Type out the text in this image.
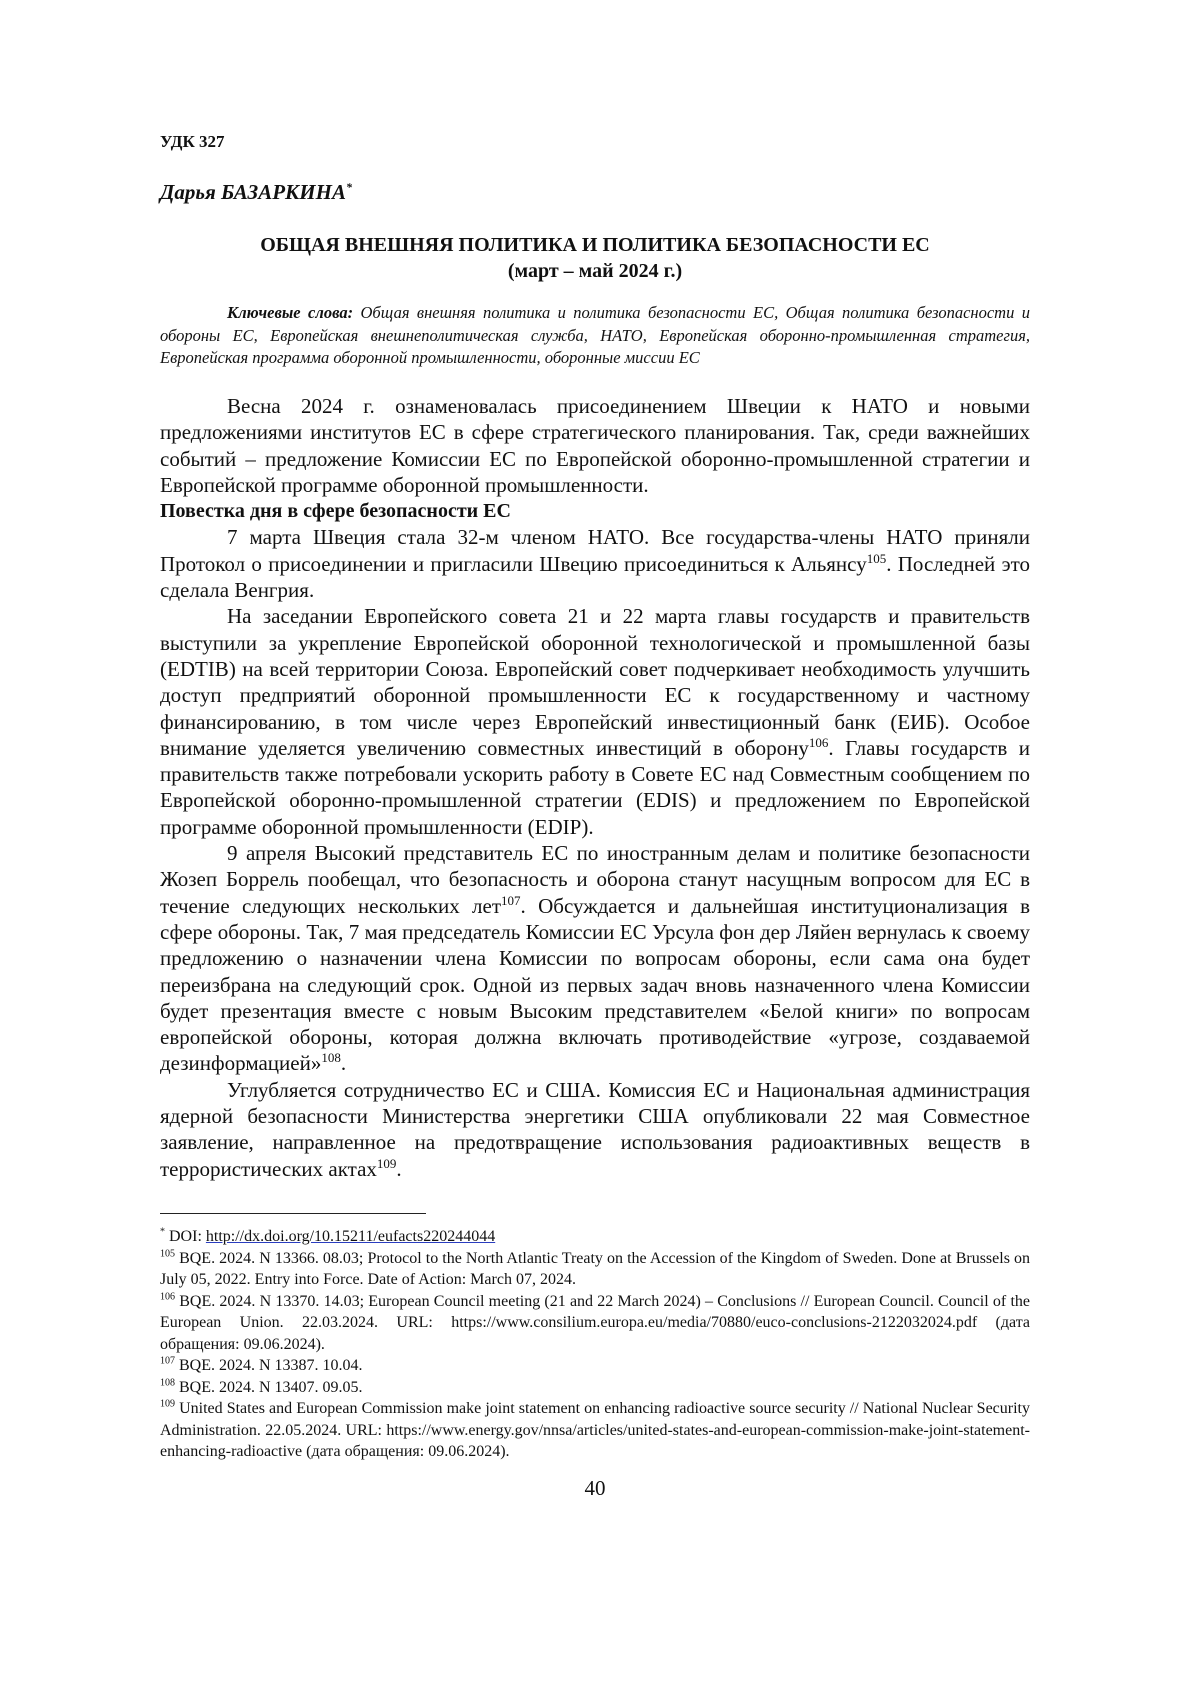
УДК 327
Дарья БАЗАРКИНА*
ОБЩАЯ ВНЕШНЯЯ ПОЛИТИКА И ПОЛИТИКА БЕЗОПАСНОСТИ ЕС
(март – май 2024 г.)
Ключевые слова: Общая внешняя политика и политика безопасности ЕС, Общая политика безопасности и обороны ЕС, Европейская внешнеполитическая служба, НАТО, Европейская оборонно-промышленная стратегия, Европейская программа оборонной промышленности, оборонные миссии ЕС

Весна 2024 г. ознаменовалась присоединением Швеции к НАТО и новыми предложениями институтов ЕС в сфере стратегического планирования. Так, среди важнейших событий – предложение Комиссии ЕС по Европейской оборонно-промышленной стратегии и Европейской программе оборонной промышленности.

Повестка дня в сфере безопасности ЕС

7 марта Швеция стала 32-м членом НАТО. Все государства-члены НАТО приняли Протокол о присоединении и пригласили Швецию присоединиться к Альянсу$^{105}$. Последней это сделала Венгрия.

На заседании Европейского совета 21 и 22 марта главы государств и правительств выступили за укрепление Европейской оборонной технологической и промышленной базы (EDTIB) на всей территории Союза. Европейский совет подчеркивает необходимость улучшить доступ предприятий оборонной промышленности ЕС к государственному и частному финансированию, в том числе через Европейский инвестиционный банк (ЕИБ). Особое внимание уделяется увеличению совместных инвестиций в оборону$^{106}$. Главы государств и правительств также потребовали ускорить работу в Совете ЕС над Совместным сообщением по Европейской оборонно-промышленной стратегии (EDIS) и предложением по Европейской программе оборонной промышленности (EDIP).

9 апреля Высокий представитель ЕС по иностранным делам и политике безопасности Жозеп Боррель пообещал, что безопасность и оборона станут насущным вопросом для ЕС в течение следующих нескольких лет$^{107}$. Обсуждается и дальнейшая институционализация в сфере обороны. Так, 7 мая председатель Комиссии ЕС Урсула фон дер Ляйен вернулась к своему предложению о назначении члена Комиссии по вопросам обороны, если сама она будет переизбрана на следующий срок. Одной из первых задач вновь назначенного члена Комиссии будет презентация вместе с новым Высоким представителем «Белой книги» по вопросам европейской обороны, которая должна включать противодействие «угрозе, создаваемой дезинформацией»$^{108}$.

Углубляется сотрудничество ЕС и США. Комиссия ЕС и Национальная администрация ядерной безопасности Министерства энергетики США опубликовали 22 мая Совместное заявление, направленное на предотвращение использования радиоактивных веществ в террористических актах$^{109}$.

* DOI: http://dx.doi.org/10.15211/eufacts220244044
$^{105}$ BQE. 2024. N 13366. 08.03; Protocol to the North Atlantic Treaty on the Accession of the Kingdom of Sweden. Done at Brussels on July 05, 2022. Entry into Force. Date of Action: March 07, 2024.
$^{106}$ BQE. 2024. N 13370. 14.03; European Council meeting (21 and 22 March 2024) – Conclusions // European Council. Council of the European Union. 22.03.2024. URL: https://www.consilium.europa.eu/media/70880/euco-conclusions-2122032024.pdf (дата обращения: 09.06.2024).
$^{107}$ BQE. 2024. N 13387. 10.04.
$^{108}$ BQE. 2024. N 13407. 09.05.
$^{109}$ United States and European Commission make joint statement on enhancing radioactive source security // National Nuclear Security Administration. 22.05.2024. URL: https://www.energy.gov/nnsa/articles/united-states-and-european-commission-make-joint-statement-enhancing-radioactive (дата обращения: 09.06.2024).
40
